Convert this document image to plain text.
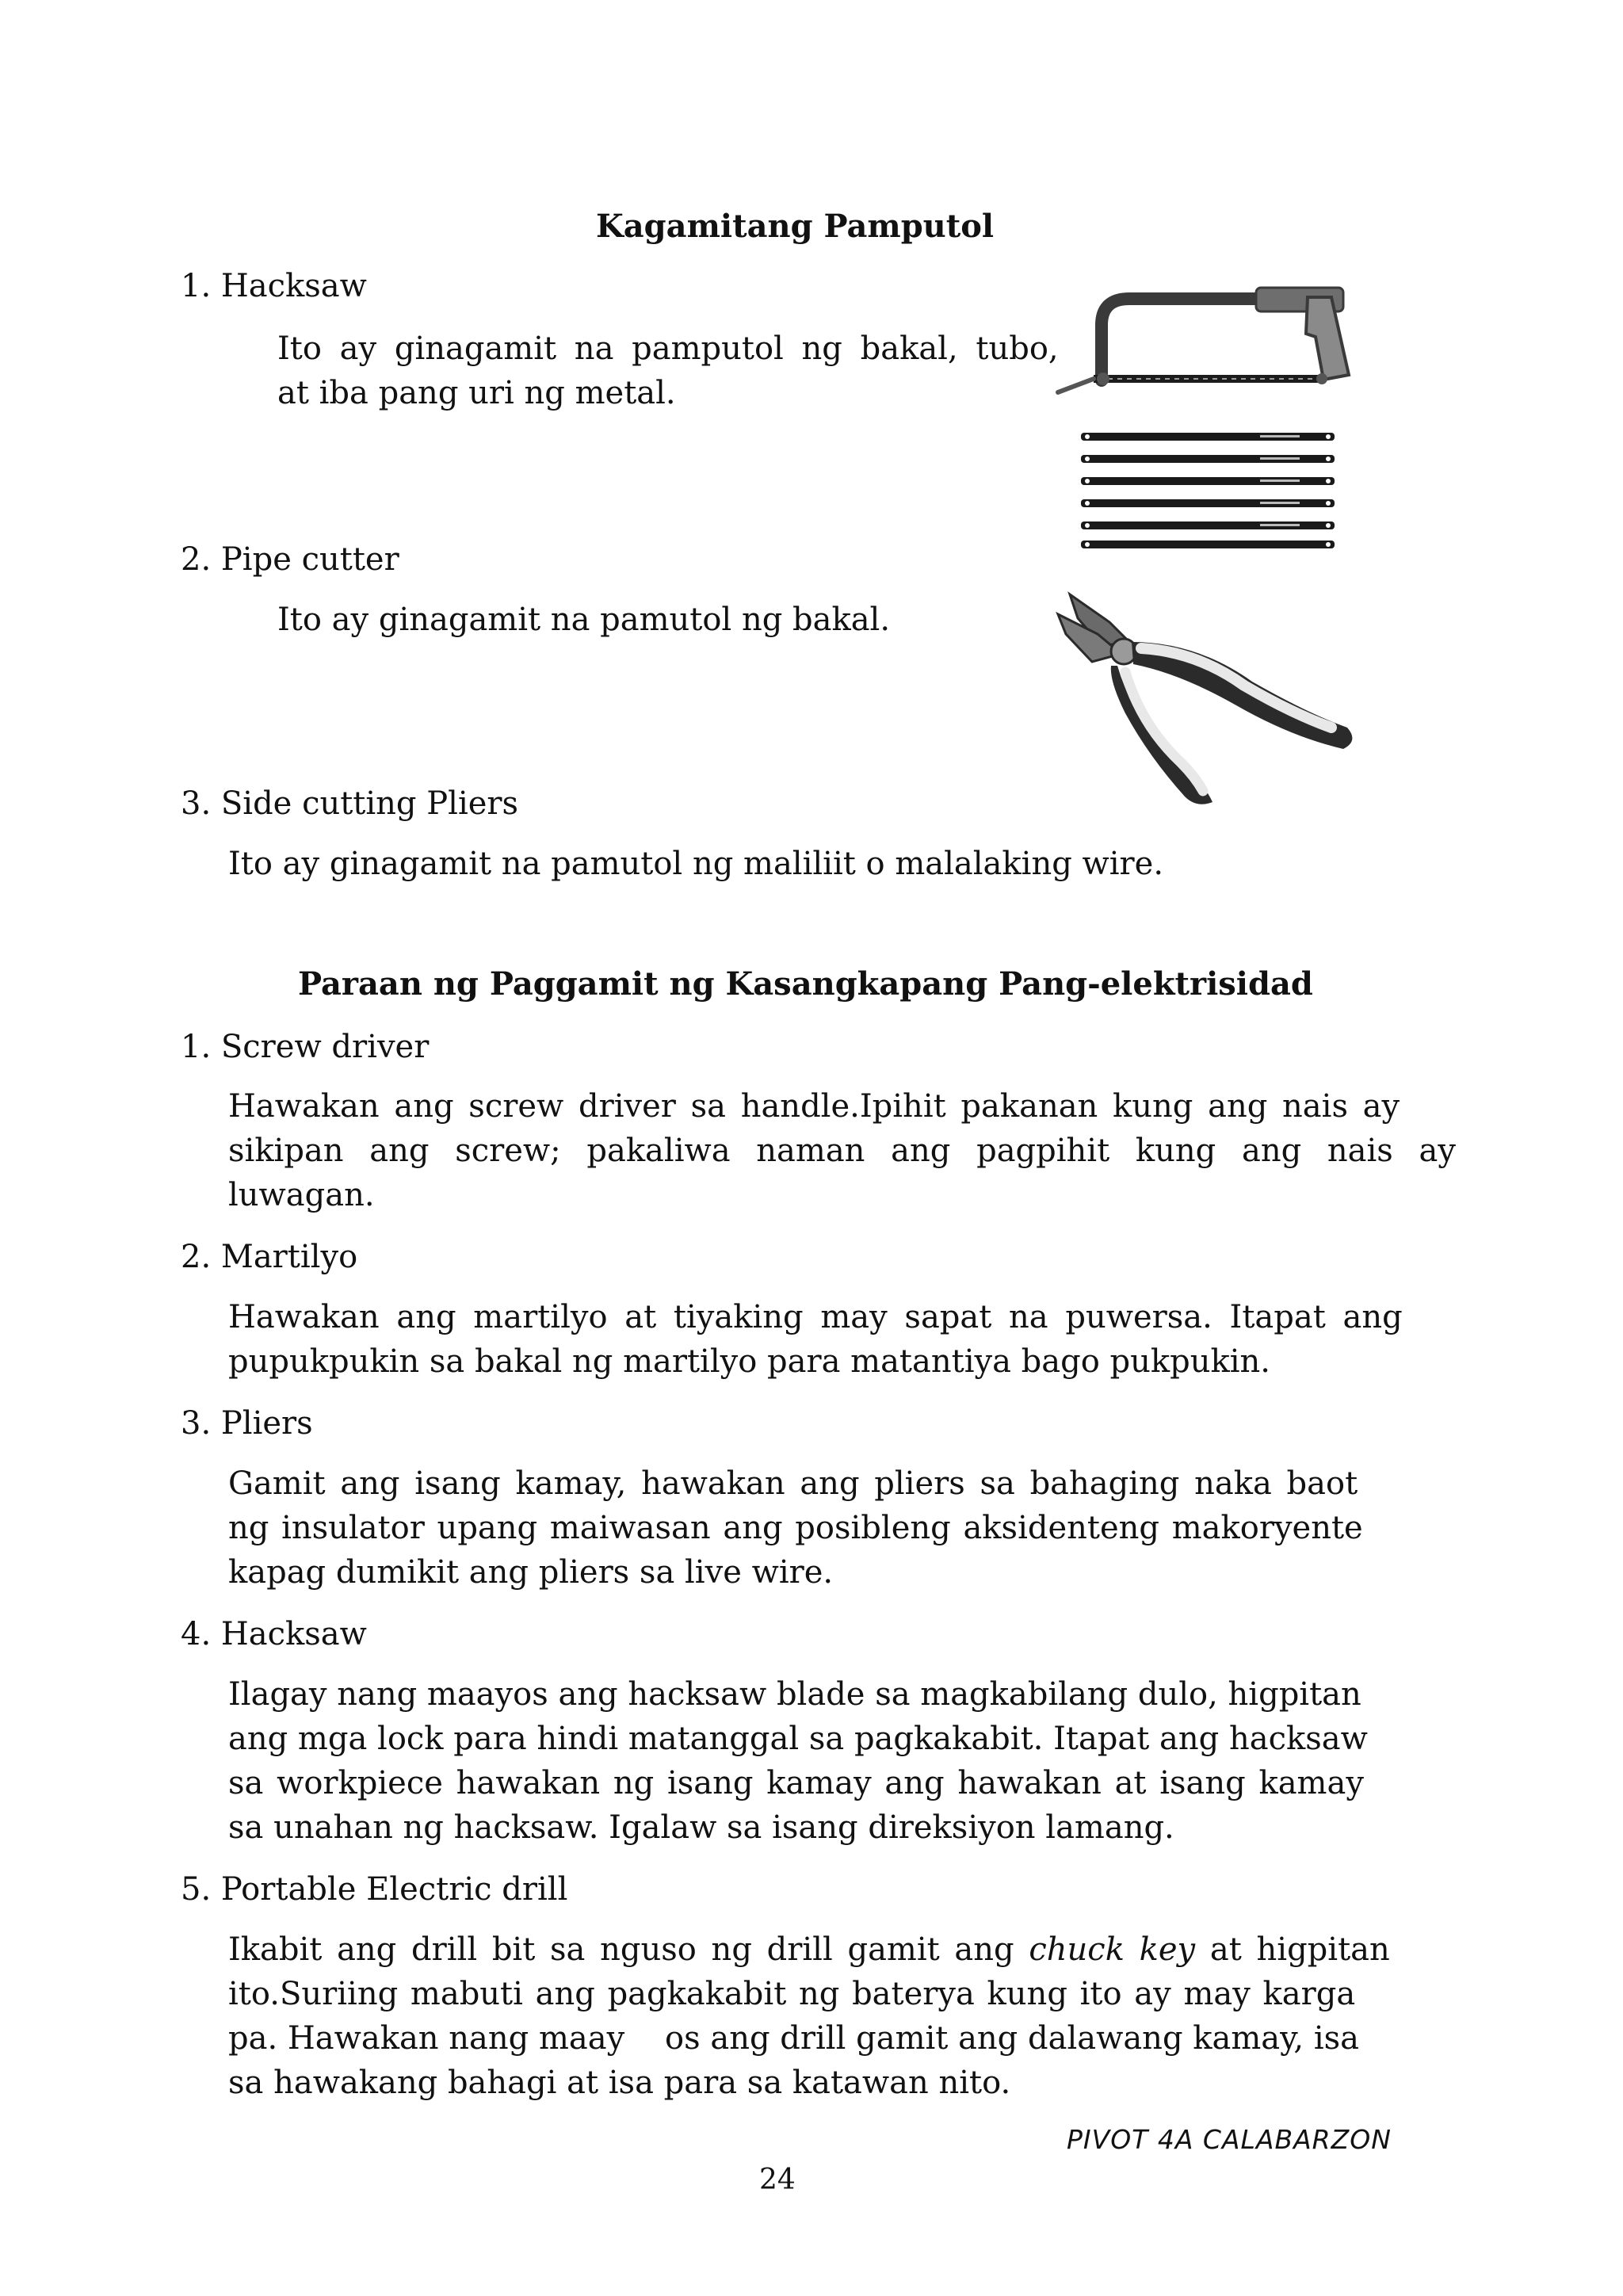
Kagamitang Pamputol
1. Hacksaw
Ito ay ginagamit na pamputol ng bakal, tubo,
at iba pang uri ng metal.
2. Pipe cutter
Ito ay ginagamit na pamutol ng bakal.
3. Side cutting Pliers
Ito ay ginagamit na pamutol ng maliliit o malalaking wire.
Paraan ng Paggamit ng Kasangkapang Pang-elektrisidad
1. Screw driver
Hawakan ang screw driver sa handle.Ipihit pakanan kung ang nais ay
sikipan ang screw; pakaliwa naman ang pagpihit kung ang nais ay
luwagan.
2. Martilyo
Hawakan ang martilyo at tiyaking may sapat na puwersa. Itapat ang
pupukpukin sa bakal ng martilyo para matantiya bago pukpukin.
3. Pliers
Gamit ang isang kamay, hawakan ang pliers sa bahaging naka baot
ng insulator upang maiwasan ang posibleng aksidenteng makoryente
kapag dumikit ang pliers sa live wire.
4. Hacksaw
Ilagay nang maayos ang hacksaw blade sa magkabilang dulo, higpitan
ang mga lock para hindi matanggal sa pagkakabit. Itapat ang hacksaw
sa workpiece hawakan ng isang kamay ang hawakan at isang kamay
sa unahan ng hacksaw. Igalaw sa isang direksiyon lamang.
5. Portable Electric drill
Ikabit ang drill bit sa nguso ng drill gamit ang chuck key at higpitan
ito.Suriing mabuti ang pagkakabit ng baterya kung ito ay may karga
pa. Hawakan nang maay    os ang drill gamit ang dalawang kamay, isa
sa hawakang bahagi at isa para sa katawan nito.
PIVOT 4A CALABARZON
24
